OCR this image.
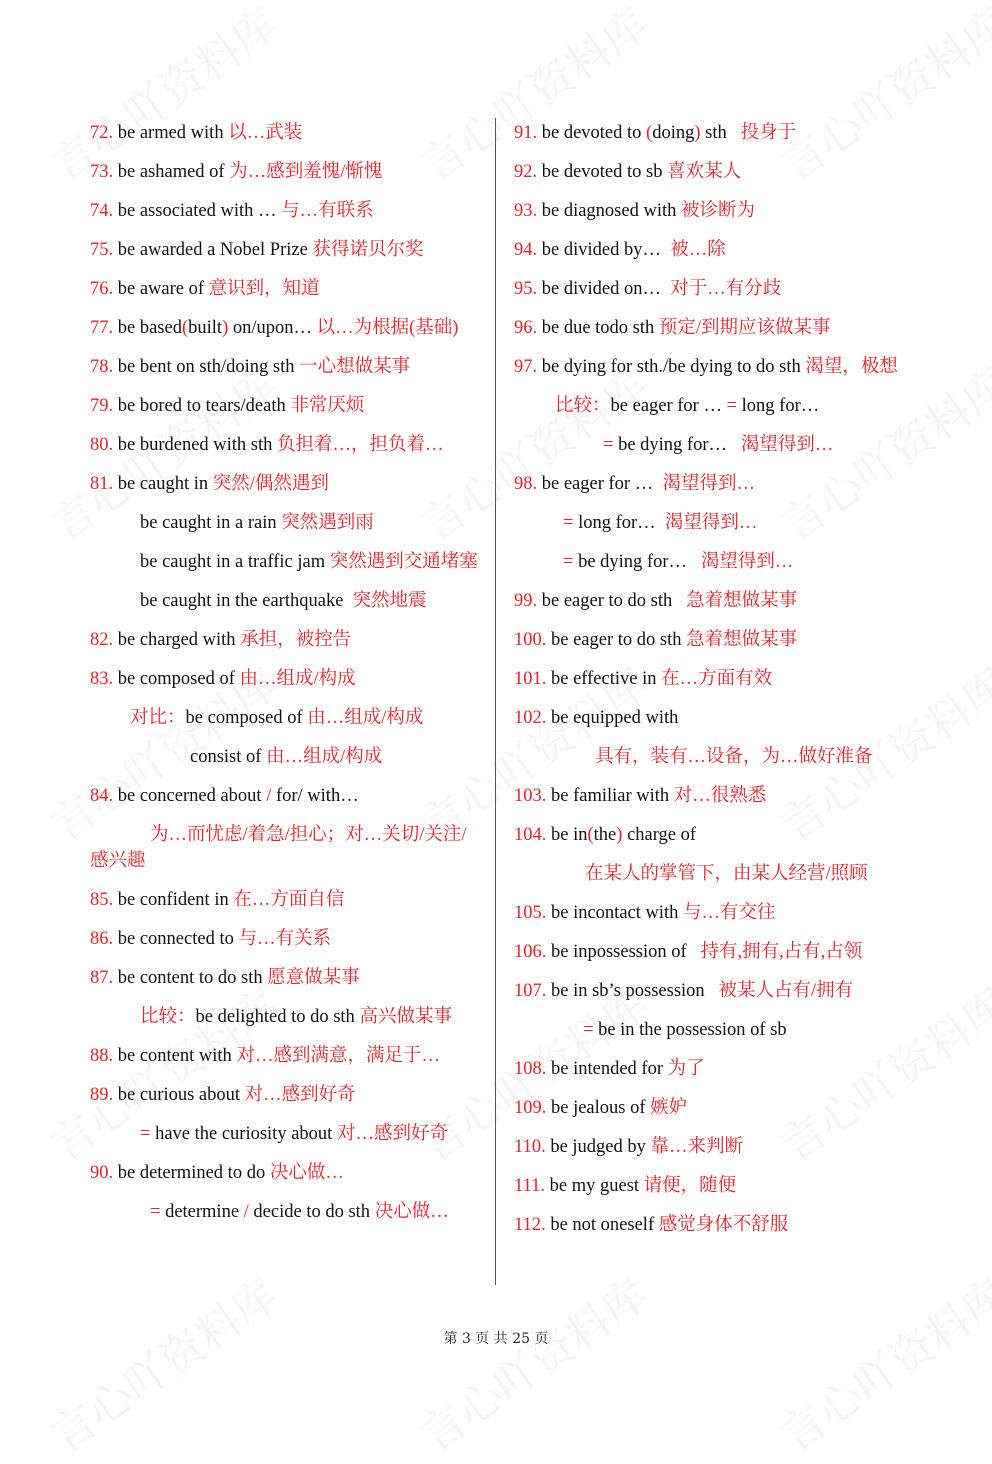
72. be armed with 以…武装
73. be ashamed of 为…感到羞愧/惭愧
74. be associated with … 与…有联系
75. be awarded a Nobel Prize 获得诺贝尔奖
76. be aware of 意识到，知道
77. be based(built) on/upon… 以…为根据(基础)
78. be bent on sth/doing sth 一心想做某事
79. be bored to tears/death 非常厌烦
80. be burdened with sth 负担着…，担负着…
81. be caught in 突然/偶然遇到
be caught in a rain 突然遇到雨
be caught in a traffic jam 突然遇到交通堵塞
be caught in the earthquake  突然地震
82. be charged with 承担，被控告
83. be composed of 由…组成/构成
对比：be composed of 由…组成/构成
consist of 由…组成/构成
84. be concerned about / for/ with…
为…而忧虑/着急/担心；对…关切/关注/感兴趣
85. be confident in 在…方面自信
86. be connected to 与…有关系
87. be content to do sth 愿意做某事
比较：be delighted to do sth 高兴做某事
88. be content with 对…感到满意，满足于…
89. be curious about 对…感到好奇
= have the curiosity about 对…感到好奇
90. be determined to do 决心做…
= determine / decide to do sth 决心做…
91. be devoted to (doing) sth   投身于
92. be devoted to sb 喜欢某人
93. be diagnosed with 被诊断为
94. be divided by…  被…除
95. be divided on…  对于…有分歧
96. be due todo sth 预定/到期应该做某事
97. be dying for sth./be dying to do sth 渴望，极想
比较：be eager for … = long for…
= be dying for…   渴望得到…
98. be eager for …  渴望得到…
= long for…  渴望得到…
= be dying for…   渴望得到…
99. be eager to do sth   急着想做某事
100. be eager to do sth 急着想做某事
101. be effective in 在…方面有效
102. be equipped with
具有，装有…设备，为…做好准备
103. be familiar with 对…很熟悉
104. be in(the) charge of
在某人的掌管下，由某人经营/照顾
105. be incontact with 与…有交往
106. be inpossession of   持有,拥有,占有,占领
107. be in sb’s possession   被某人占有/拥有
= be in the possession of sb
108. be intended for 为了
109. be jealous of 嫉妒
110. be judged by 靠…来判断
111. be my guest 请便，随便
112. be not oneself 感觉身体不舒服
第 3 页 共 25 页
